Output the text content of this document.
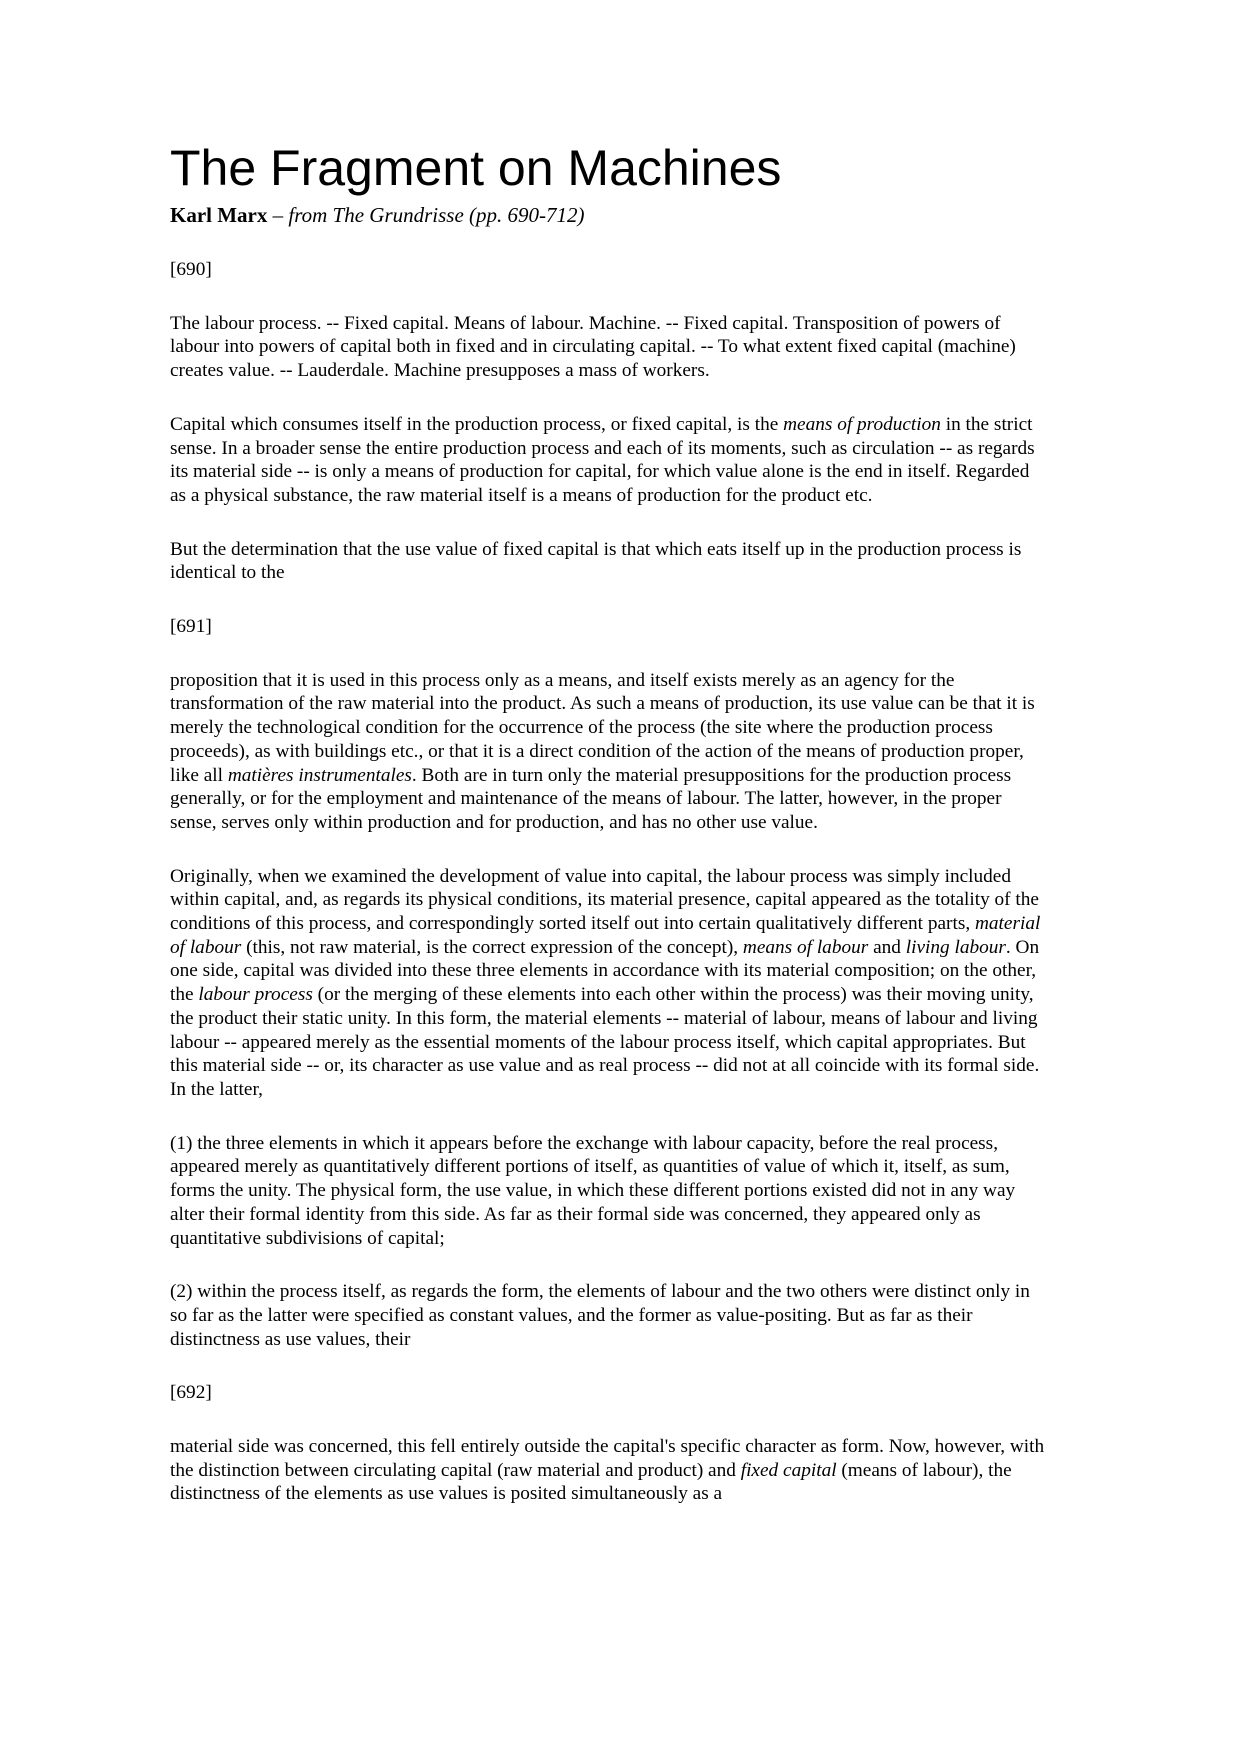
The Fragment on Machines

Karl Marx – from The Grundrisse (pp. 690-712)

[690]

The labour process. -- Fixed capital. Means of labour. Machine. -- Fixed capital. Transposition of powers of labour into powers of capital both in fixed and in circulating capital. -- To what extent fixed capital (machine) creates value. -- Lauderdale. Machine presupposes a mass of workers.

Capital which consumes itself in the production process, or fixed capital, is the means of production in the strict sense. In a broader sense the entire production process and each of its moments, such as circulation -- as regards its material side -- is only a means of production for capital, for which value alone is the end in itself. Regarded as a physical substance, the raw material itself is a means of production for the product etc.

But the determination that the use value of fixed capital is that which eats itself up in the production process is identical to the

[691]

proposition that it is used in this process only as a means, and itself exists merely as an agency for the transformation of the raw material into the product. As such a means of production, its use value can be that it is merely the technological condition for the occurrence of the process (the site where the production process proceeds), as with buildings etc., or that it is a direct condition of the action of the means of production proper, like all matières instrumentales. Both are in turn only the material presuppositions for the production process generally, or for the employment and maintenance of the means of labour. The latter, however, in the proper sense, serves only within production and for production, and has no other use value.

Originally, when we examined the development of value into capital, the labour process was simply included within capital, and, as regards its physical conditions, its material presence, capital appeared as the totality of the conditions of this process, and correspondingly sorted itself out into certain qualitatively different parts, material of labour (this, not raw material, is the correct expression of the concept), means of labour and living labour. On one side, capital was divided into these three elements in accordance with its material composition; on the other, the labour process (or the merging of these elements into each other within the process) was their moving unity, the product their static unity. In this form, the material elements -- material of labour, means of labour and living labour -- appeared merely as the essential moments of the labour process itself, which capital appropriates. But this material side -- or, its character as use value and as real process -- did not at all coincide with its formal side. In the latter,

(1) the three elements in which it appears before the exchange with labour capacity, before the real process, appeared merely as quantitatively different portions of itself, as quantities of value of which it, itself, as sum, forms the unity. The physical form, the use value, in which these different portions existed did not in any way alter their formal identity from this side. As far as their formal side was concerned, they appeared only as quantitative subdivisions of capital;

(2) within the process itself, as regards the form, the elements of labour and the two others were distinct only in so far as the latter were specified as constant values, and the former as value-positing. But as far as their distinctness as use values, their

[692]

material side was concerned, this fell entirely outside the capital's specific character as form. Now, however, with the distinction between circulating capital (raw material and product) and fixed capital (means of labour), the distinctness of the elements as use values is posited simultaneously as a
